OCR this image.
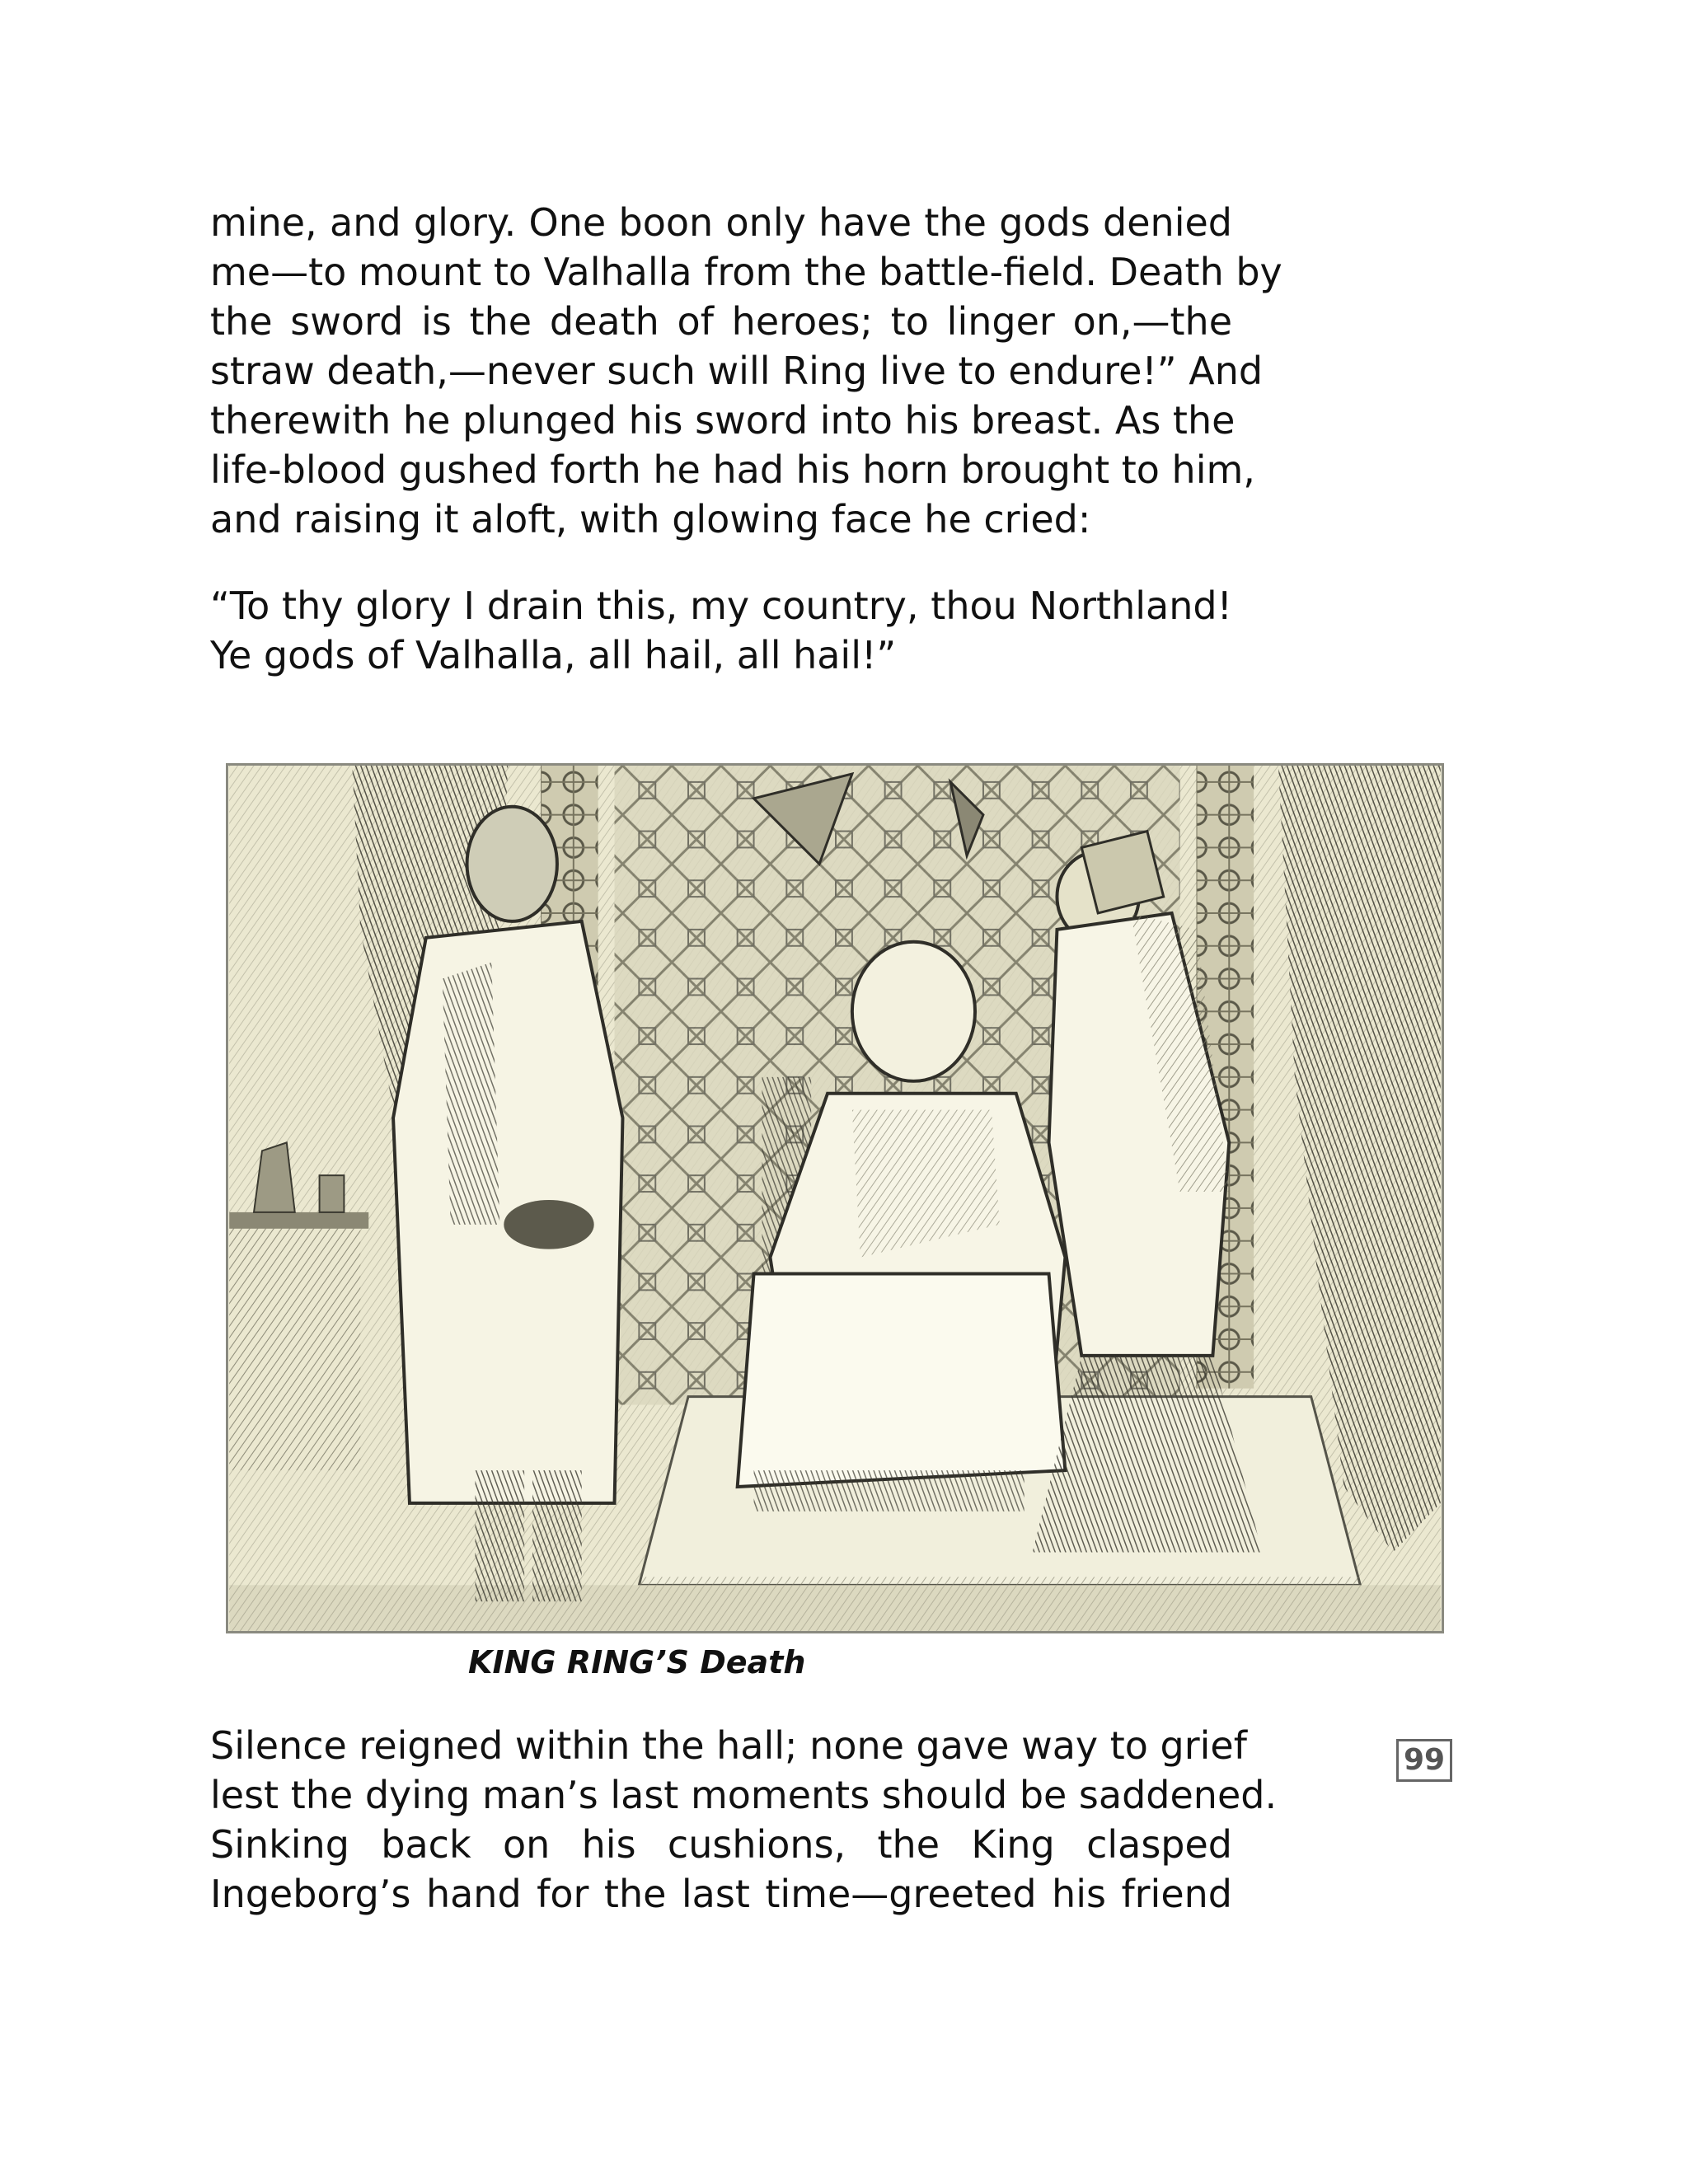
mine, and glory. One boon only have the gods denied
me—to mount to Valhalla from the battle-field. Death by
the sword is the death of heroes; to linger on,—the
straw death,—never such will Ring live to endure!” And
therewith he plunged his sword into his breast. As the
life-blood gushed forth he had his horn brought to him,
and raising it aloft, with glowing face he cried:

“To thy glory I drain this, my country, thou Northland!
Ye gods of Valhalla, all hail, all hail!”

KING RING’S Death
99

Silence reigned within the hall; none gave way to grief
lest the dying man’s last moments should be saddened.
Sinking back on his cushions, the King clasped
Ingeborg’s hand for the last time—greeted his friend
